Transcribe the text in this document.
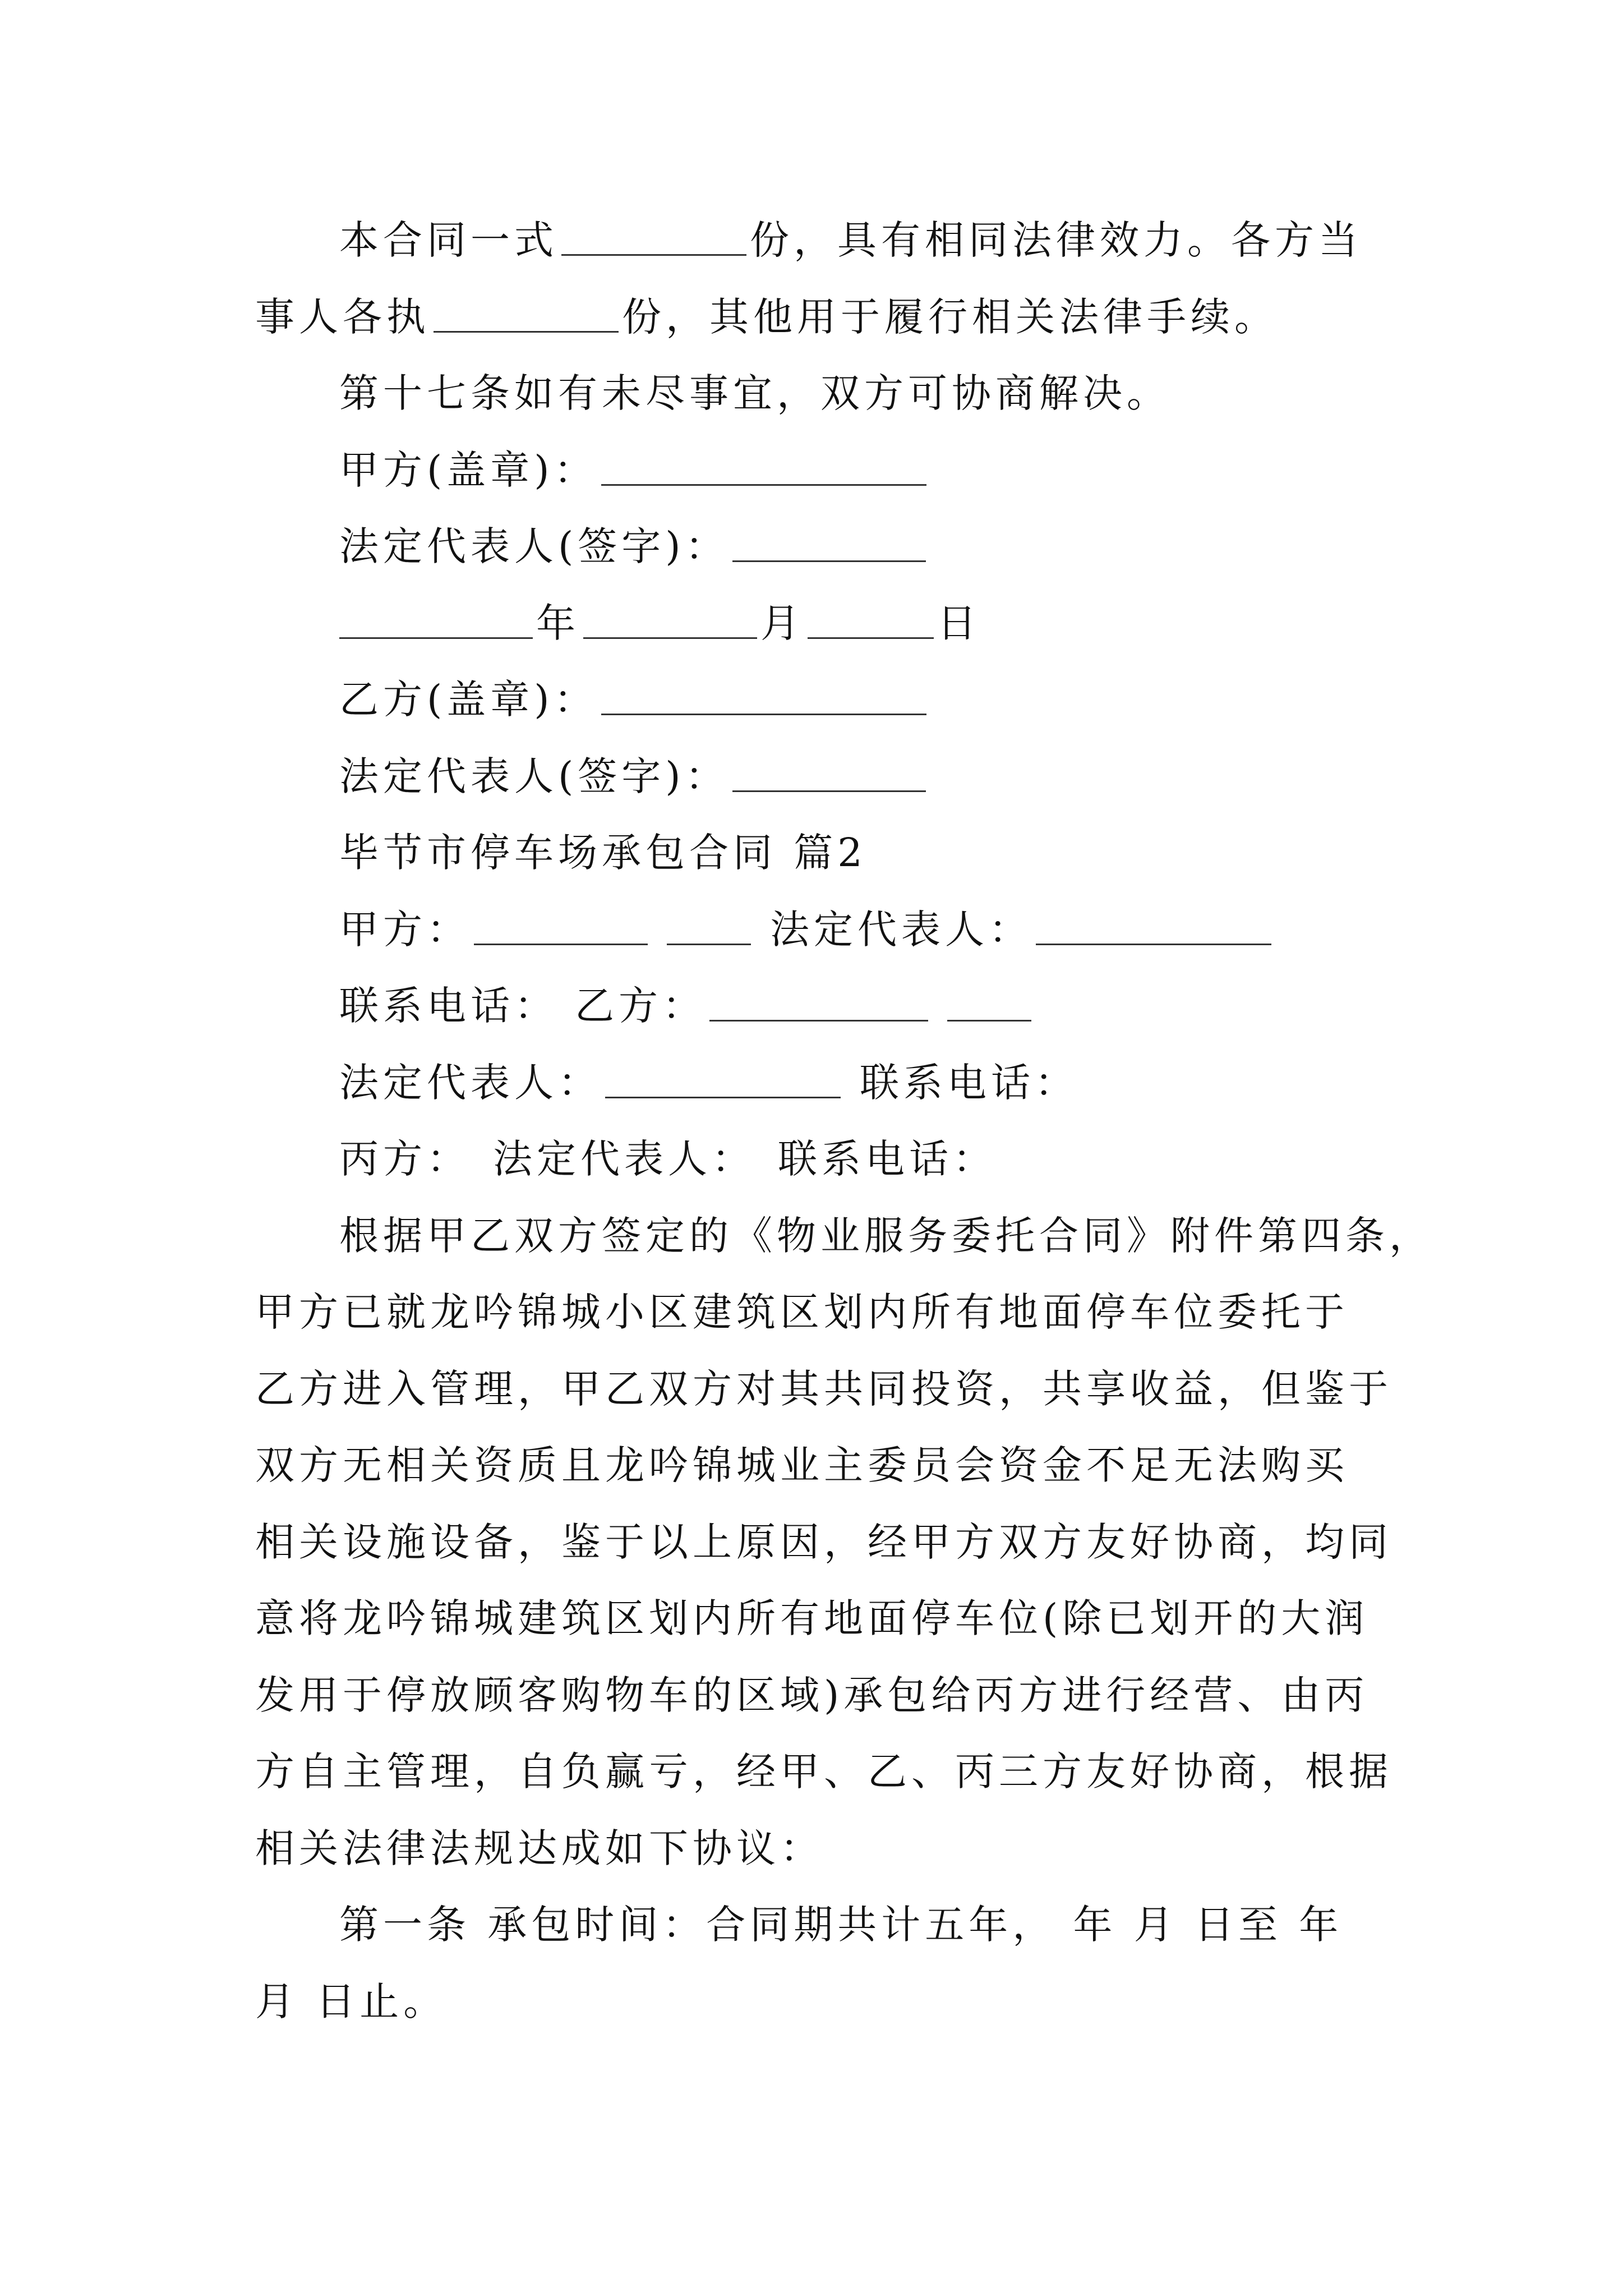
本合同一式	份，具有相同法律效力。各方当
事人各执	份，其他用于履行相关法律手续。
第十七条如有未尽事宜，双方可协商解决。
甲方(盖章)：
法定代表人(签字)：
年	月	日
乙方(盖章)：
法定代表人(签字)：
毕节市停车场承包合同 篇2
甲方：	法定代表人：
联系电话： 乙方：
法定代表人：	联系电话：
丙方： 法定代表人： 联系电话：
根据甲乙双方签定的《物业服务委托合同》附件第四条，
甲方已就龙吟锦城小区建筑区划内所有地面停车位委托于
乙方进入管理，甲乙双方对其共同投资，共享收益，但鉴于
双方无相关资质且龙吟锦城业主委员会资金不足无法购买
相关设施设备，鉴于以上原因，经甲方双方友好协商，均同
意将龙吟锦城建筑区划内所有地面停车位(除已划开的大润
发用于停放顾客购物车的区域)承包给丙方进行经营、由丙
方自主管理，自负赢亏，经甲、乙、丙三方友好协商，根据
相关法律法规达成如下协议：
第一条 承包时间：合同期共计五年， 年 月 日至 年
月 日止。
